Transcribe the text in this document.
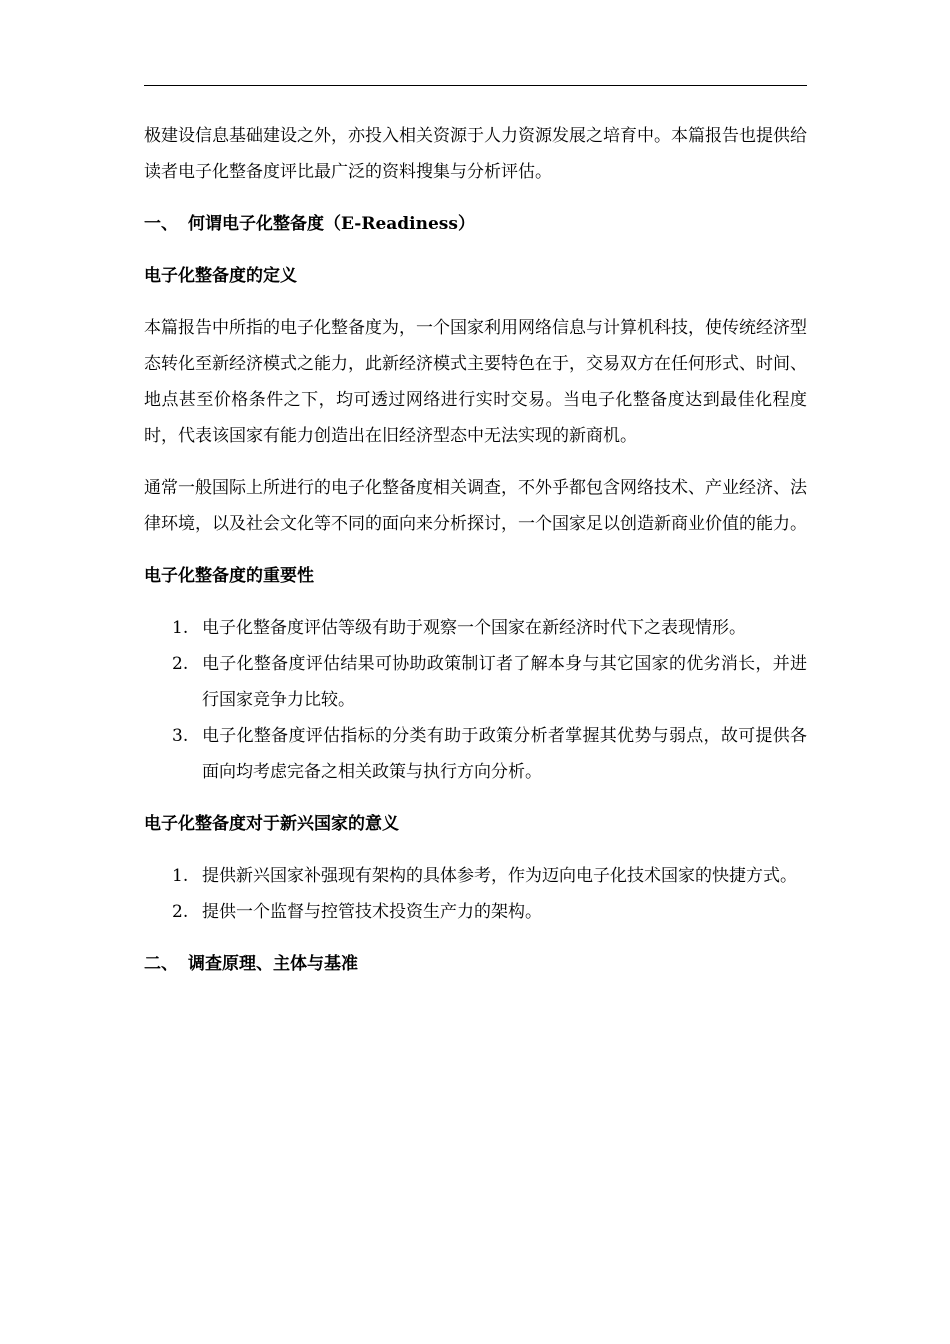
极建设信息基础建设之外，亦投入相关资源于人力资源发展之培育中。本篇报告也提供给读者电子化整备度评比最广泛的资料搜集与分析评估。

一、 何谓电子化整备度（E-Readiness）
电子化整备度的定义

本篇报告中所指的电子化整备度为，一个国家利用网络信息与计算机科技，使传统经济型态转化至新经济模式之能力，此新经济模式主要特色在于，交易双方在任何形式、时间、地点甚至价格条件之下，均可透过网络进行实时交易。当电子化整备度达到最佳化程度时，代表该国家有能力创造出在旧经济型态中无法实现的新商机。

通常一般国际上所进行的电子化整备度相关调查，不外乎都包含网络技术、产业经济、法律环境，以及社会文化等不同的面向来分析探讨，一个国家足以创造新商业价值的能力。

电子化整备度的重要性
1. 电子化整备度评估等级有助于观察一个国家在新经济时代下之表现情形。
2. 电子化整备度评估结果可协助政策制订者了解本身与其它国家的优劣消长，并进行国家竞争力比较。
3. 电子化整备度评估指标的分类有助于政策分析者掌握其优势与弱点，故可提供各面向均考虑完备之相关政策与执行方向分析。
电子化整备度对于新兴国家的意义
1. 提供新兴国家补强现有架构的具体参考，作为迈向电子化技术国家的快捷方式。
2. 提供一个监督与控管技术投资生产力的架构。
二、 调查原理、主体与基准
